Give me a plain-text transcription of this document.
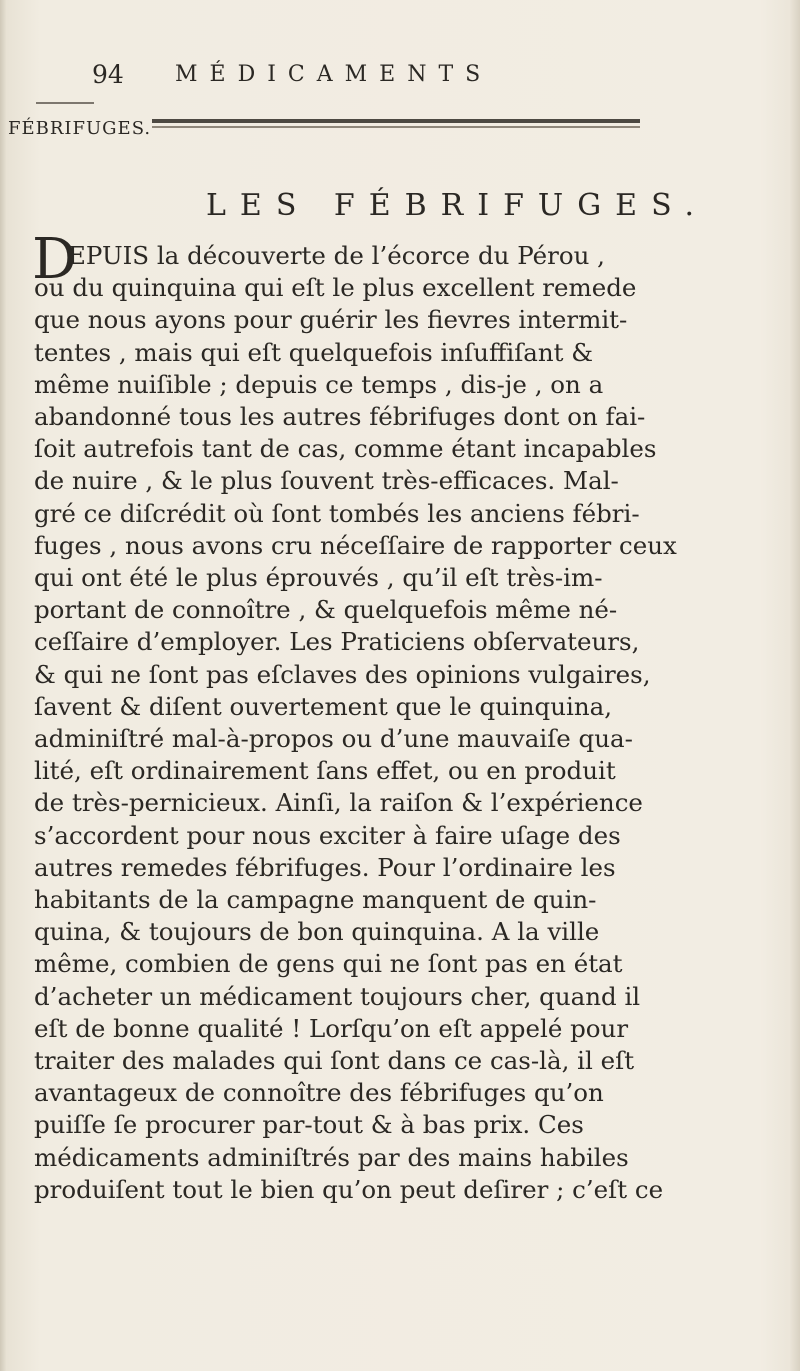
94 MÉDICAMENTS
FÉBRIFUGES.
LES FÉBRIFUGES.
D
EPUIS la découverte de l’écorce du Pérou ,
ou du quinquina qui eſt le plus excellent remede
que nous ayons pour guérir les fievres intermit-
tentes , mais qui eſt quelquefois inſuffiſant &
même nuiſible ; depuis ce temps , dis-je , on a
abandonné tous les autres fébrifuges dont on fai-
ſoit autrefois tant de cas, comme étant incapables
de nuire , & le plus ſouvent très-efficaces. Mal-
gré ce diſcrédit où ſont tombés les anciens fébri-
fuges , nous avons cru néceſſaire de rapporter ceux
qui ont été le plus éprouvés , qu’il eſt très-im-
portant de connoître , & quelquefois même né-
ceſſaire d’employer. Les Praticiens obſervateurs,
& qui ne ſont pas eſclaves des opinions vulgaires,
ſavent & diſent ouvertement que le quinquina,
adminiſtré mal-à-propos ou d’une mauvaiſe qua-
lité, eſt ordinairement ſans effet, ou en produit
de très-pernicieux. Ainſi, la raiſon & l’expérience
s’accordent pour nous exciter à faire uſage des
autres remedes fébrifuges. Pour l’ordinaire les
habitants de la campagne manquent de quin-
quina, & toujours de bon quinquina. A la ville
même, combien de gens qui ne ſont pas en état
d’acheter un médicament toujours cher, quand il
eſt de bonne qualité ! Lorſqu’on eſt appelé pour
traiter des malades qui ſont dans ce cas-là, il eſt
avantageux de connoître des fébrifuges qu’on
puiſſe ſe procurer par-tout & à bas prix. Ces
médicaments adminiſtrés par des mains habiles
produiſent tout le bien qu’on peut deſirer ; c’eſt ce
